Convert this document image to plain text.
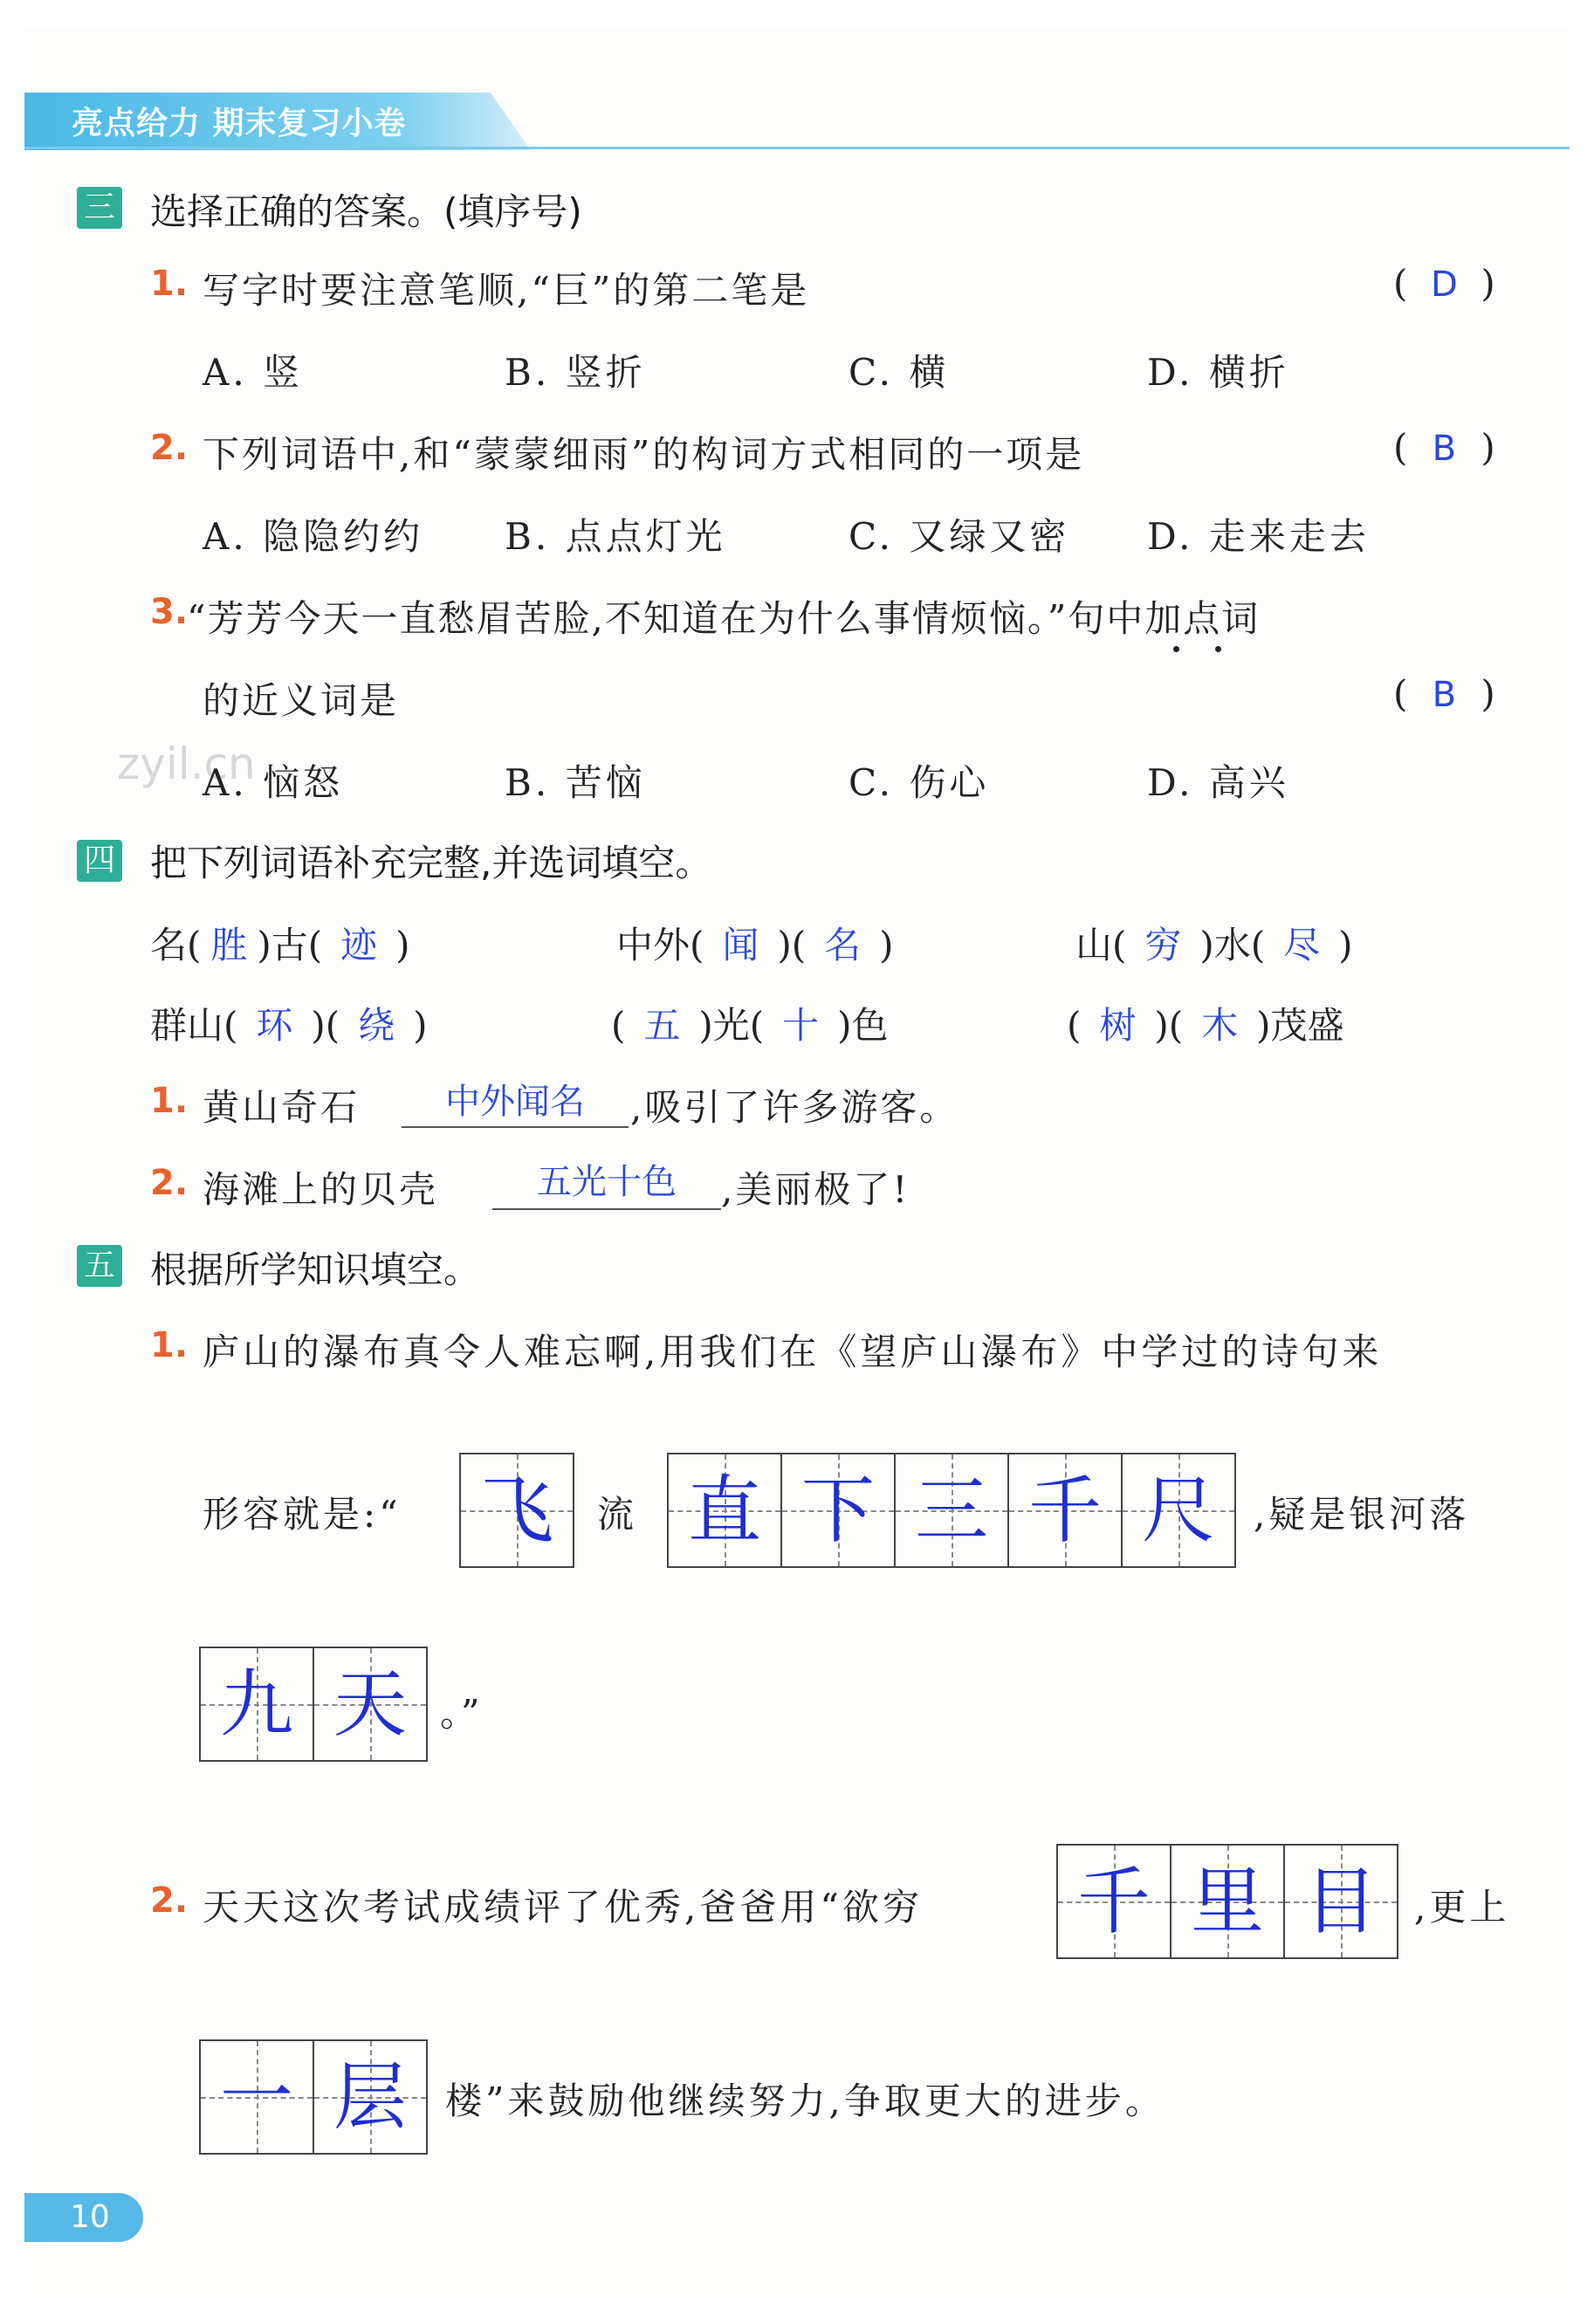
亮点给力 期末复习小卷
三 选择正确的答案。(填序号)
1. 写字时要注意笔顺,“巨”的第二笔是	( D )
A. 竖	B. 竖折	C. 横	D. 横折
2. 下列词语中,和“蒙蒙细雨”的构词方式相同的一项是	( B )
A. 隐隐约约 B. 点点灯光	C. 又绿又密 D. 走来走去
3.
“芳芳今天一直愁眉苦脸,不知道在为什么事情烦恼。”句中加点词
的近义词是	( B )
zyil.cn
A. 恼怒	B. 苦恼	C. 伤心	D. 高兴
四 把下列词语补充完整,并选词填空。
名( 胜 )古( 迹 )	中外( 闻 )( 名 )	山( 穷 )水( 尽 )
群山( 环 )( 绕 )	( 五 )光( 十 )色	( 树 )( 木 )茂盛
1. 黄山奇石	中外闻名	,吸引了许多游客。
2. 海滩上的贝壳	五光十色	,美丽极了!
五 根据所学知识填空。
1. 庐山的瀑布真令人难忘啊,用我们在《望庐山瀑布》中学过的诗句来
形容就是:“ 飞	流 直 下 三 千 尺	,疑是银河落
九 天 。”
2. 天天这次考试成绩评了优秀,爸爸用“欲穷 千 里 目	,更上
一 层	楼”来鼓励他继续努力,争取更大的进步。
10
